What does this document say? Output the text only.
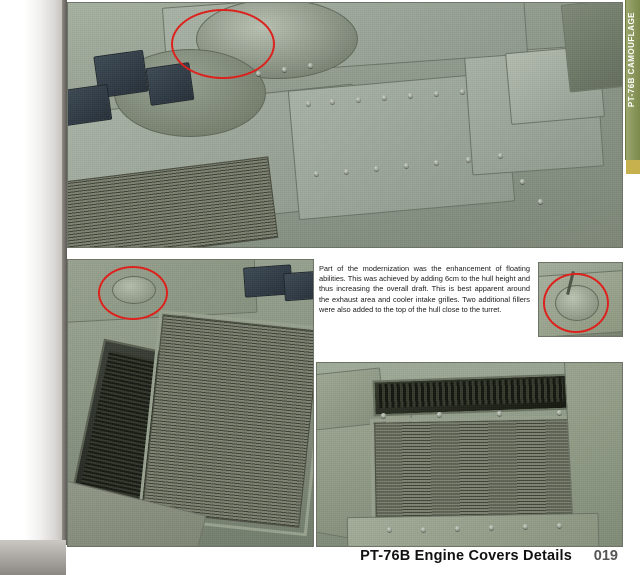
PT-76B CAMOUFLAGE

Part of the modernization was the enhancement of floating abilities. This was achieved by adding 6cm to the hull height and thus increasing the overall draft. This is best apparent around the exhaust area and cooler intake grilles. Two additional fillers were also added to the top of the hull close to the turret.

PT-76B Engine Covers Details 019
